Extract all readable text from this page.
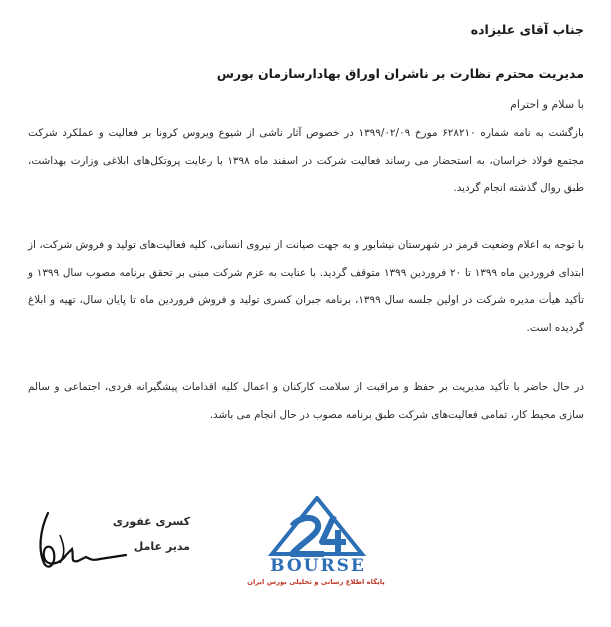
جناب آقای علیزاده
مدیریت محترم نظارت بر ناشران اوراق بهادارسازمان بورس
با سلام و احترام
بازگشت به نامه شماره ۶۲۸۲۱۰ مورخ ۱۳۹۹/۰۲/۰۹ در خصوص آثار ناشی از شیوع ویروس کرونا بر فعالیت و عملکرد شرکت مجتمع فولاد خراسان، به استحضار می رساند فعالیت شرکت در اسفند ماه ۱۳۹۸ با رعایت پروتکل‌های ابلاغی وزارت بهداشت، طبق روال گذشته انجام گردید.
با توجه به اعلام وضعیت قرمز در شهرستان نیشابور و به جهت صیانت از نیروی انسانی، کلیه فعالیت‌های تولید و فروش شرکت، از ابتدای فروردین ماه ۱۳۹۹ تا ۲۰ فروردین ۱۳۹۹ متوقف گردید. با عنایت به عزم شرکت مبنی بر تحقق برنامه مصوب سال ۱۳۹۹ و تأکید هیأت مدیره شرکت در اولین جلسه سال ۱۳۹۹، برنامه جبران کسری تولید و فروش فروردین ماه تا پایان سال، تهیه و ابلاغ گردیده است.
در حال حاضر با تأکید مدیریت بر حفظ و مراقبت از سلامت کارکنان و اعمال کلیه اقدامات پیشگیرانه فردی، اجتماعی و سالم سازی محیط کار، تمامی فعالیت‌های شرکت طبق برنامه مصوب در حال انجام می باشد.
کسری غفوری
مدیر عامل
BOURSE
پایگاه اطلاع رسانی و تحلیلی بورس ایران
